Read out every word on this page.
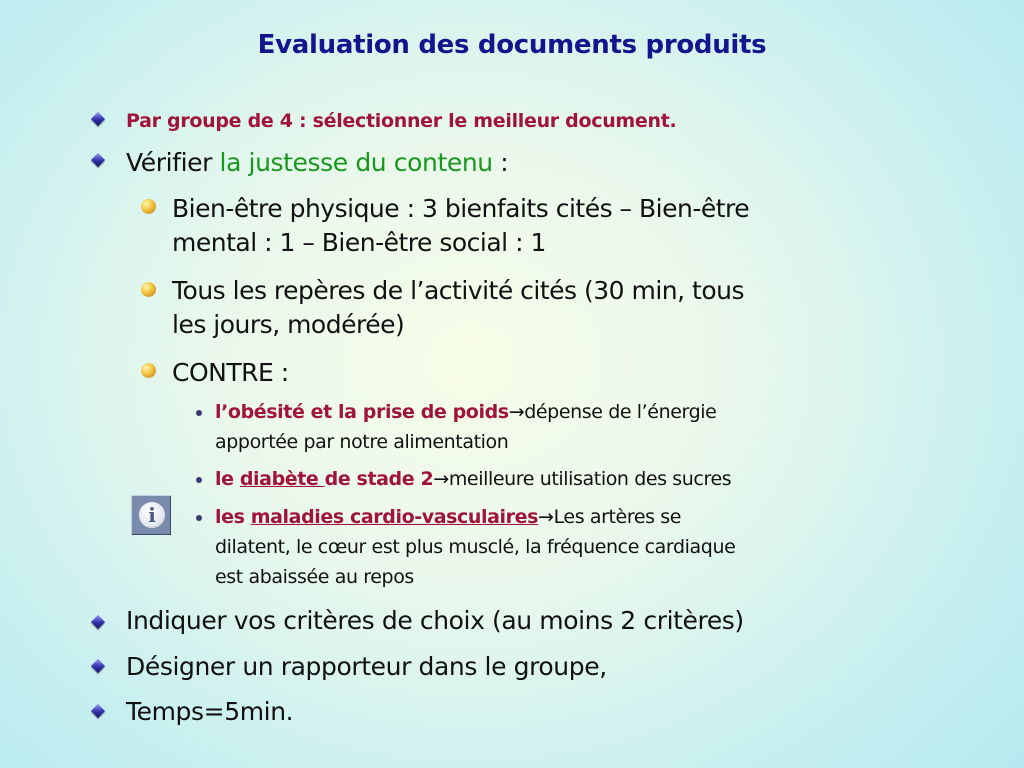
Evaluation des documents produits
Par groupe de 4 : sélectionner le meilleur document.
Vérifier la justesse du contenu :
Bien-être physique : 3 bienfaits cités – Bien-être
mental : 1 – Bien-être social : 1
Tous les repères de l’activité cités (30 min, tous
les jours, modérée)
CONTRE :
l’obésité et la prise de poids→dépense de l’énergie
apportée par notre alimentation
le diabète de stade 2→meilleure utilisation des sucres
i	les maladies cardio-vasculaires→Les artères se
dilatent, le cœur est plus musclé, la fréquence cardiaque
est abaissée au repos
Indiquer vos critères de choix (au moins 2 critères)
Désigner un rapporteur dans le groupe,
Temps=5min.
